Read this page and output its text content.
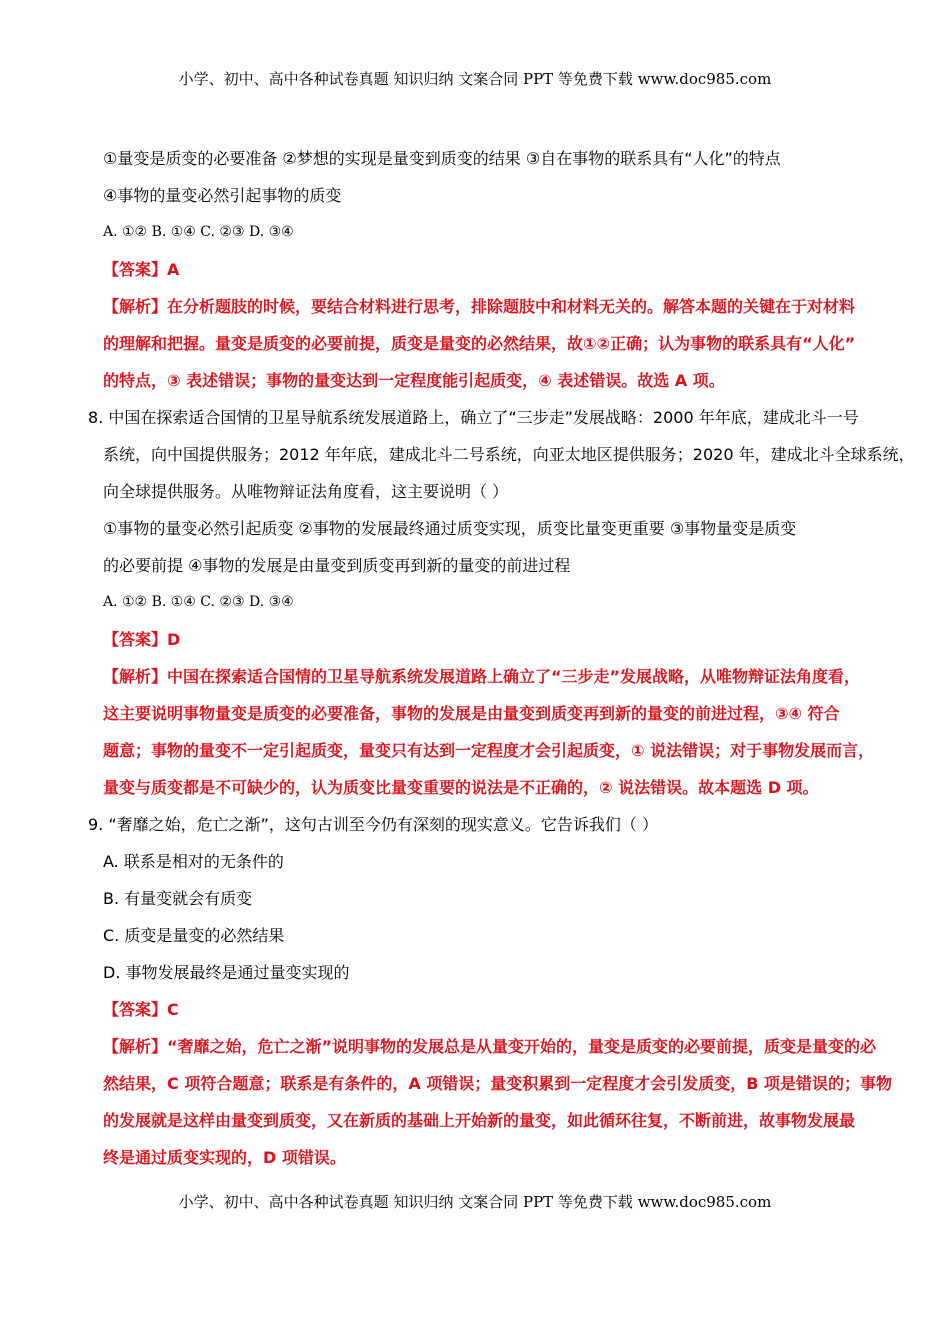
小学、初中、高中各种试卷真题 知识归纳 文案合同 PPT 等免费下载 www.doc985.com
①量变是质变的必要准备 ②梦想的实现是量变到质变的结果 ③自在事物的联系具有“人化”的特点
④事物的量变必然引起事物的质变
A. ①② B. ①④ C. ②③ D. ③④
【答案】A
【解析】在分析题肢的时候，要结合材料进行思考，排除题肢中和材料无关的。解答本题的关键在于对材料
的理解和把握。量变是质变的必要前提，质变是量变的必然结果，故①②正确；认为事物的联系具有“人化”
的特点，③ 表述错误；事物的量变达到一定程度能引起质变，④ 表述错误。故选 A 项。
8. 中国在探索适合国情的卫星导航系统发展道路上，确立了“三步走”发展战略：2000 年年底，建成北斗一号
系统，向中国提供服务；2012 年年底，建成北斗二号系统，向亚太地区提供服务；2020 年，建成北斗全球系统，
向全球提供服务。从唯物辩证法角度看，这主要说明（ ）
①事物的量变必然引起质变 ②事物的发展最终通过质变实现，质变比量变更重要 ③事物量变是质变
的必要前提 ④事物的发展是由量变到质变再到新的量变的前进过程
A. ①② B. ①④ C. ②③ D. ③④
【答案】D
【解析】中国在探索适合国情的卫星导航系统发展道路上确立了“三步走”发展战略，从唯物辩证法角度看，
这主要说明事物量变是质变的必要准备，事物的发展是由量变到质变再到新的量变的前进过程，③④ 符合
题意；事物的量变不一定引起质变，量变只有达到一定程度才会引起质变，① 说法错误；对于事物发展而言，
量变与质变都是不可缺少的，认为质变比量变重要的说法是不正确的，② 说法错误。故本题选 D 项。
9. “奢靡之始，危亡之渐”，这句古训至今仍有深刻的现实意义。它告诉我们（ ）
A. 联系是相对的无条件的
B. 有量变就会有质变
C. 质变是量变的必然结果
D. 事物发展最终是通过量变实现的
【答案】C
【解析】“奢靡之始，危亡之渐”说明事物的发展总是从量变开始的，量变是质变的必要前提，质变是量变的必
然结果，C 项符合题意；联系是有条件的，A 项错误；量变积累到一定程度才会引发质变，B 项是错误的；事物
的发展就是这样由量变到质变，又在新质的基础上开始新的量变，如此循环往复，不断前进，故事物发展最
终是通过质变实现的，D 项错误。
小学、初中、高中各种试卷真题 知识归纳 文案合同 PPT 等免费下载 www.doc985.com
